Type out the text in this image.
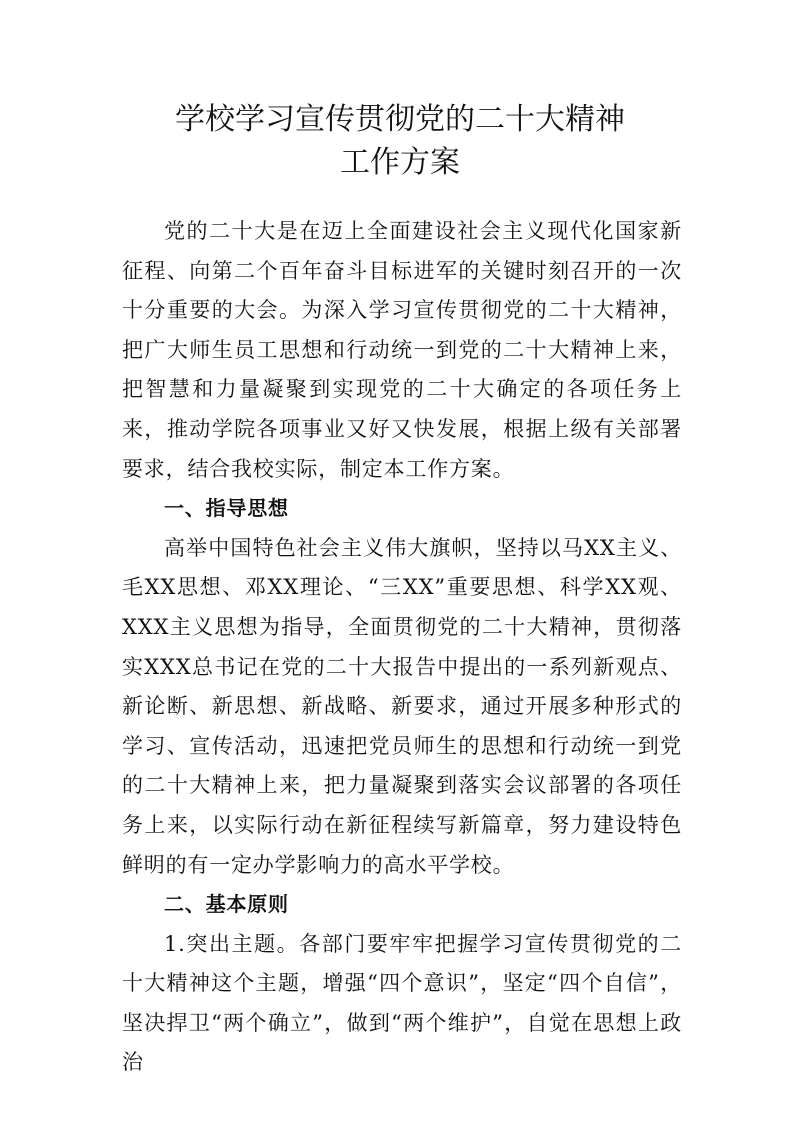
学校学习宣传贯彻党的二十大精神
工作方案

党的二十大是在迈上全面建设社会主义现代化国家新征程、向第二个百年奋斗目标进军的关键时刻召开的一次十分重要的大会。为深入学习宣传贯彻党的二十大精神，把广大师生员工思想和行动统一到党的二十大精神上来，把智慧和力量凝聚到实现党的二十大确定的各项任务上来，推动学院各项事业又好又快发展，根据上级有关部署要求，结合我校实际，制定本工作方案。

一、指导思想

高举中国特色社会主义伟大旗帜，坚持以马XX主义、毛XX思想、邓XX理论、“三XX”重要思想、科学XX观、XXX主义思想为指导，全面贯彻党的二十大精神，贯彻落实XXX总书记在党的二十大报告中提出的一系列新观点、新论断、新思想、新战略、新要求，通过开展多种形式的学习、宣传活动，迅速把党员师生的思想和行动统一到党的二十大精神上来，把力量凝聚到落实会议部署的各项任务上来，以实际行动在新征程续写新篇章，努力建设特色鲜明的有一定办学影响力的高水平学校。

二、基本原则

1.突出主题。各部门要牢牢把握学习宣传贯彻党的二十大精神这个主题，增强“四个意识”，坚定“四个自信”，坚决捍卫“两个确立”，做到“两个维护”，自觉在思想上政治
